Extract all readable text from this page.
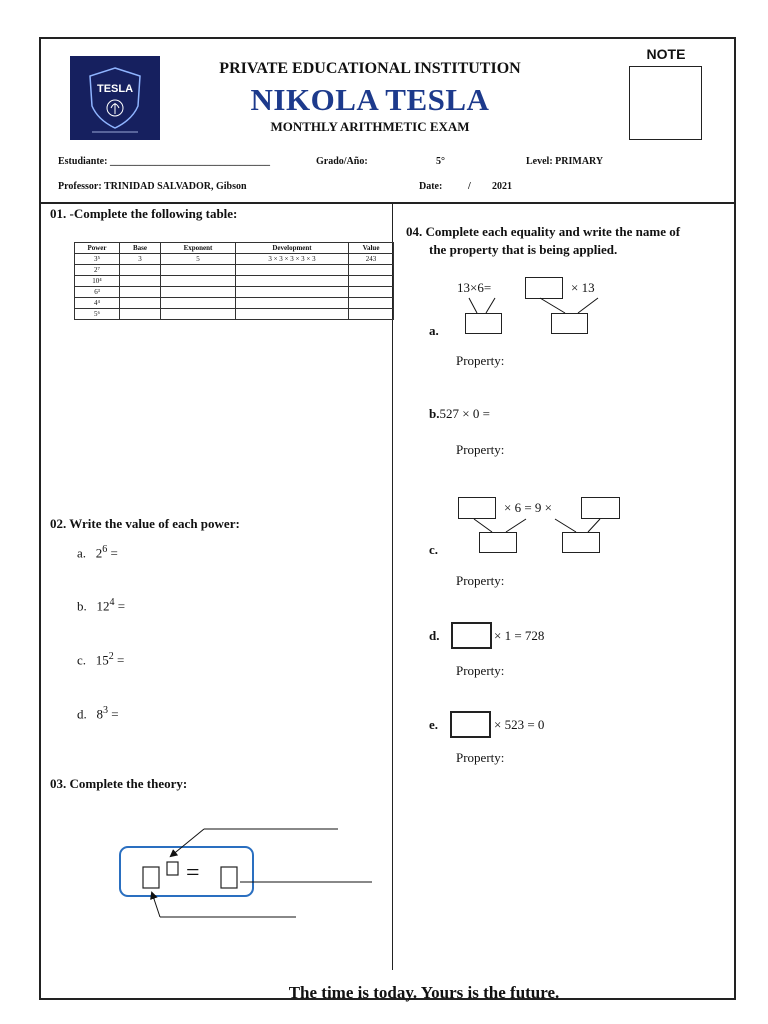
TESLA
PRIVATE EDUCATIONAL INSTITUTION
NIKOLA TESLA
MONTHLY ARITHMETIC EXAM
NOTE
Estudiante: ________________________________	Grado/Año:	5°	Level: PRIMARY
Professor: TRINIDAD SALVADOR, Gibson	Date:	/ 2021
01. -Complete the following table:
Power	Base	Exponent	Development	Value
3⁵	3	5	3 × 3 × 3 × 3 × 3	243
2⁷				
10⁴				
6³				
4⁴				
5⁶				
02. Write the value of each power:
a. $2^6$ =
b. $12^4$ =
c. $15^2$ =
d. $8^3$ =
03. Complete the theory:
=
04. Complete each equality and write the name of
the property that is being applied.
13×6=	× 13
a.
Property:
b.527 × 0 =
Property:
× 6 = 9 ×
c.
Property:
d.	× 1 = 728
Property:
e.	× 523 = 0
Property:
The time is today. Yours is the future.
